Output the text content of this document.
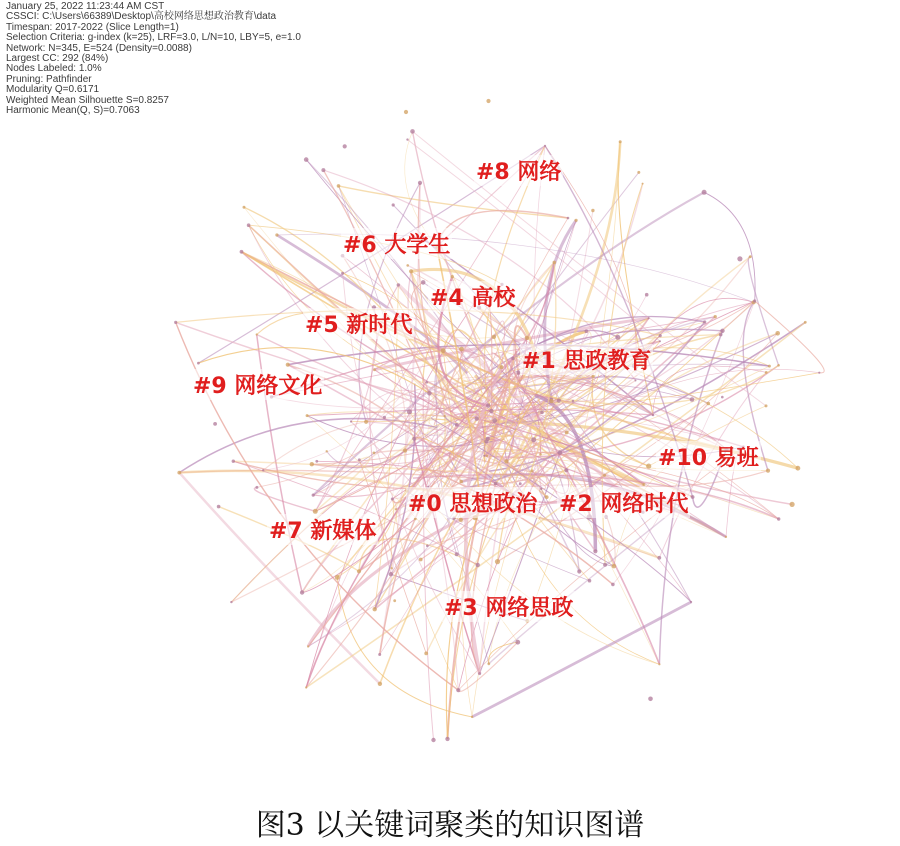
January 25, 2022 11:23:44 AM CST
CSSCI: C:\Users\66389\Desktop\高校网络思想政治教育\data
Timespan: 2017-2022 (Slice Length=1)
Selection Criteria: g-index (k=25), LRF=3.0, L/N=10, LBY=5, e=1.0
Network: N=345, E=524 (Density=0.0088)
Largest CC: 292 (84%)
Nodes Labeled: 1.0%
Pruning: Pathfinder
Modularity Q=0.6171
Weighted Mean Silhouette S=0.8257
Harmonic Mean(Q, S)=0.7063
#8 网络
#6 大学生
#4 高校
#5 新时代
#1 思政教育
#9 网络文化
#10 易班
#0 思想政治 #2 网络时代
#7 新媒体
#3 网络思政
图3 以关键词聚类的知识图谱
